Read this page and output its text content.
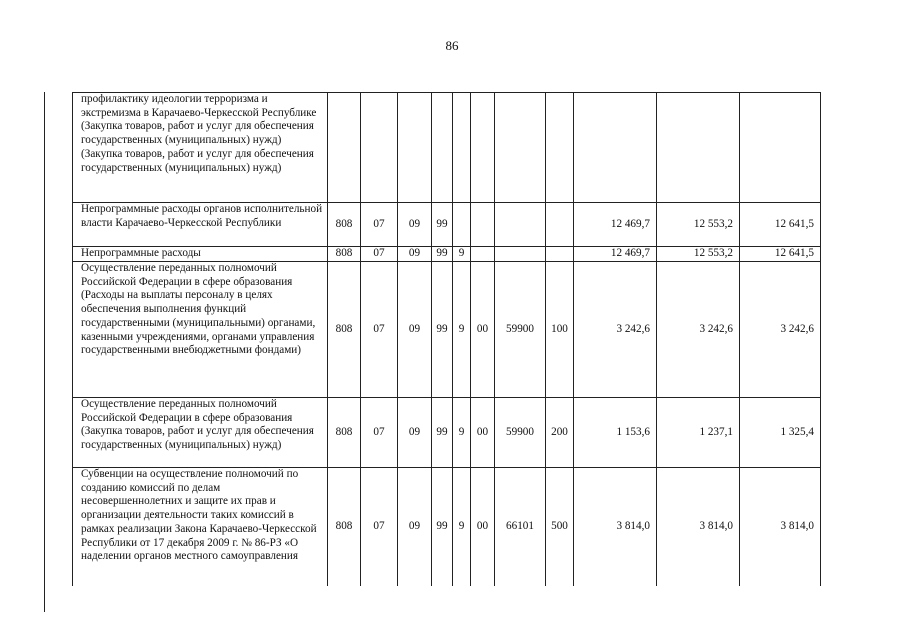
86
профилактику идеологии терроризма и экстремизма в Карачаево-Черкесской Республике (Закупка товаров, работ и услуг для обеспечения государственных (муниципальных) нужд) (Закупка товаров, работ и услуг для обеспечения государственных (муниципальных) нужд)											
Непрограммные расходы органов исполнительной власти Карачаево-Черкесской Республики	808	07	09	99					12 469,7	12 553,2	12 641,5
Непрограммные расходы	808	07	09	99	9				12 469,7	12 553,2	12 641,5
Осуществление переданных полномочий Российской Федерации в сфере образования (Расходы на выплаты персоналу в целях обеспечения выполнения функций государственными (муниципальными) органами, казенными учреждениями, органами управления государственными внебюджетными фондами)	808	07	09	99	9	00	59900	100	3 242,6	3 242,6	3 242,6
Осуществление переданных полномочий Российской Федерации в сфере образования (Закупка товаров, работ и услуг для обеспечения государственных (муниципальных) нужд)	808	07	09	99	9	00	59900	200	1 153,6	1 237,1	1 325,4
Субвенции на осуществление полномочий по созданию комиссий по делам несовершеннолетних и защите их прав и организации деятельности таких комиссий в рамках реализации Закона Карачаево-Черкесской Республики от 17 декабря 2009 г. № 86-РЗ «О наделении органов местного самоуправления	808	07	09	99	9	00	66101	500	3 814,0	3 814,0	3 814,0
